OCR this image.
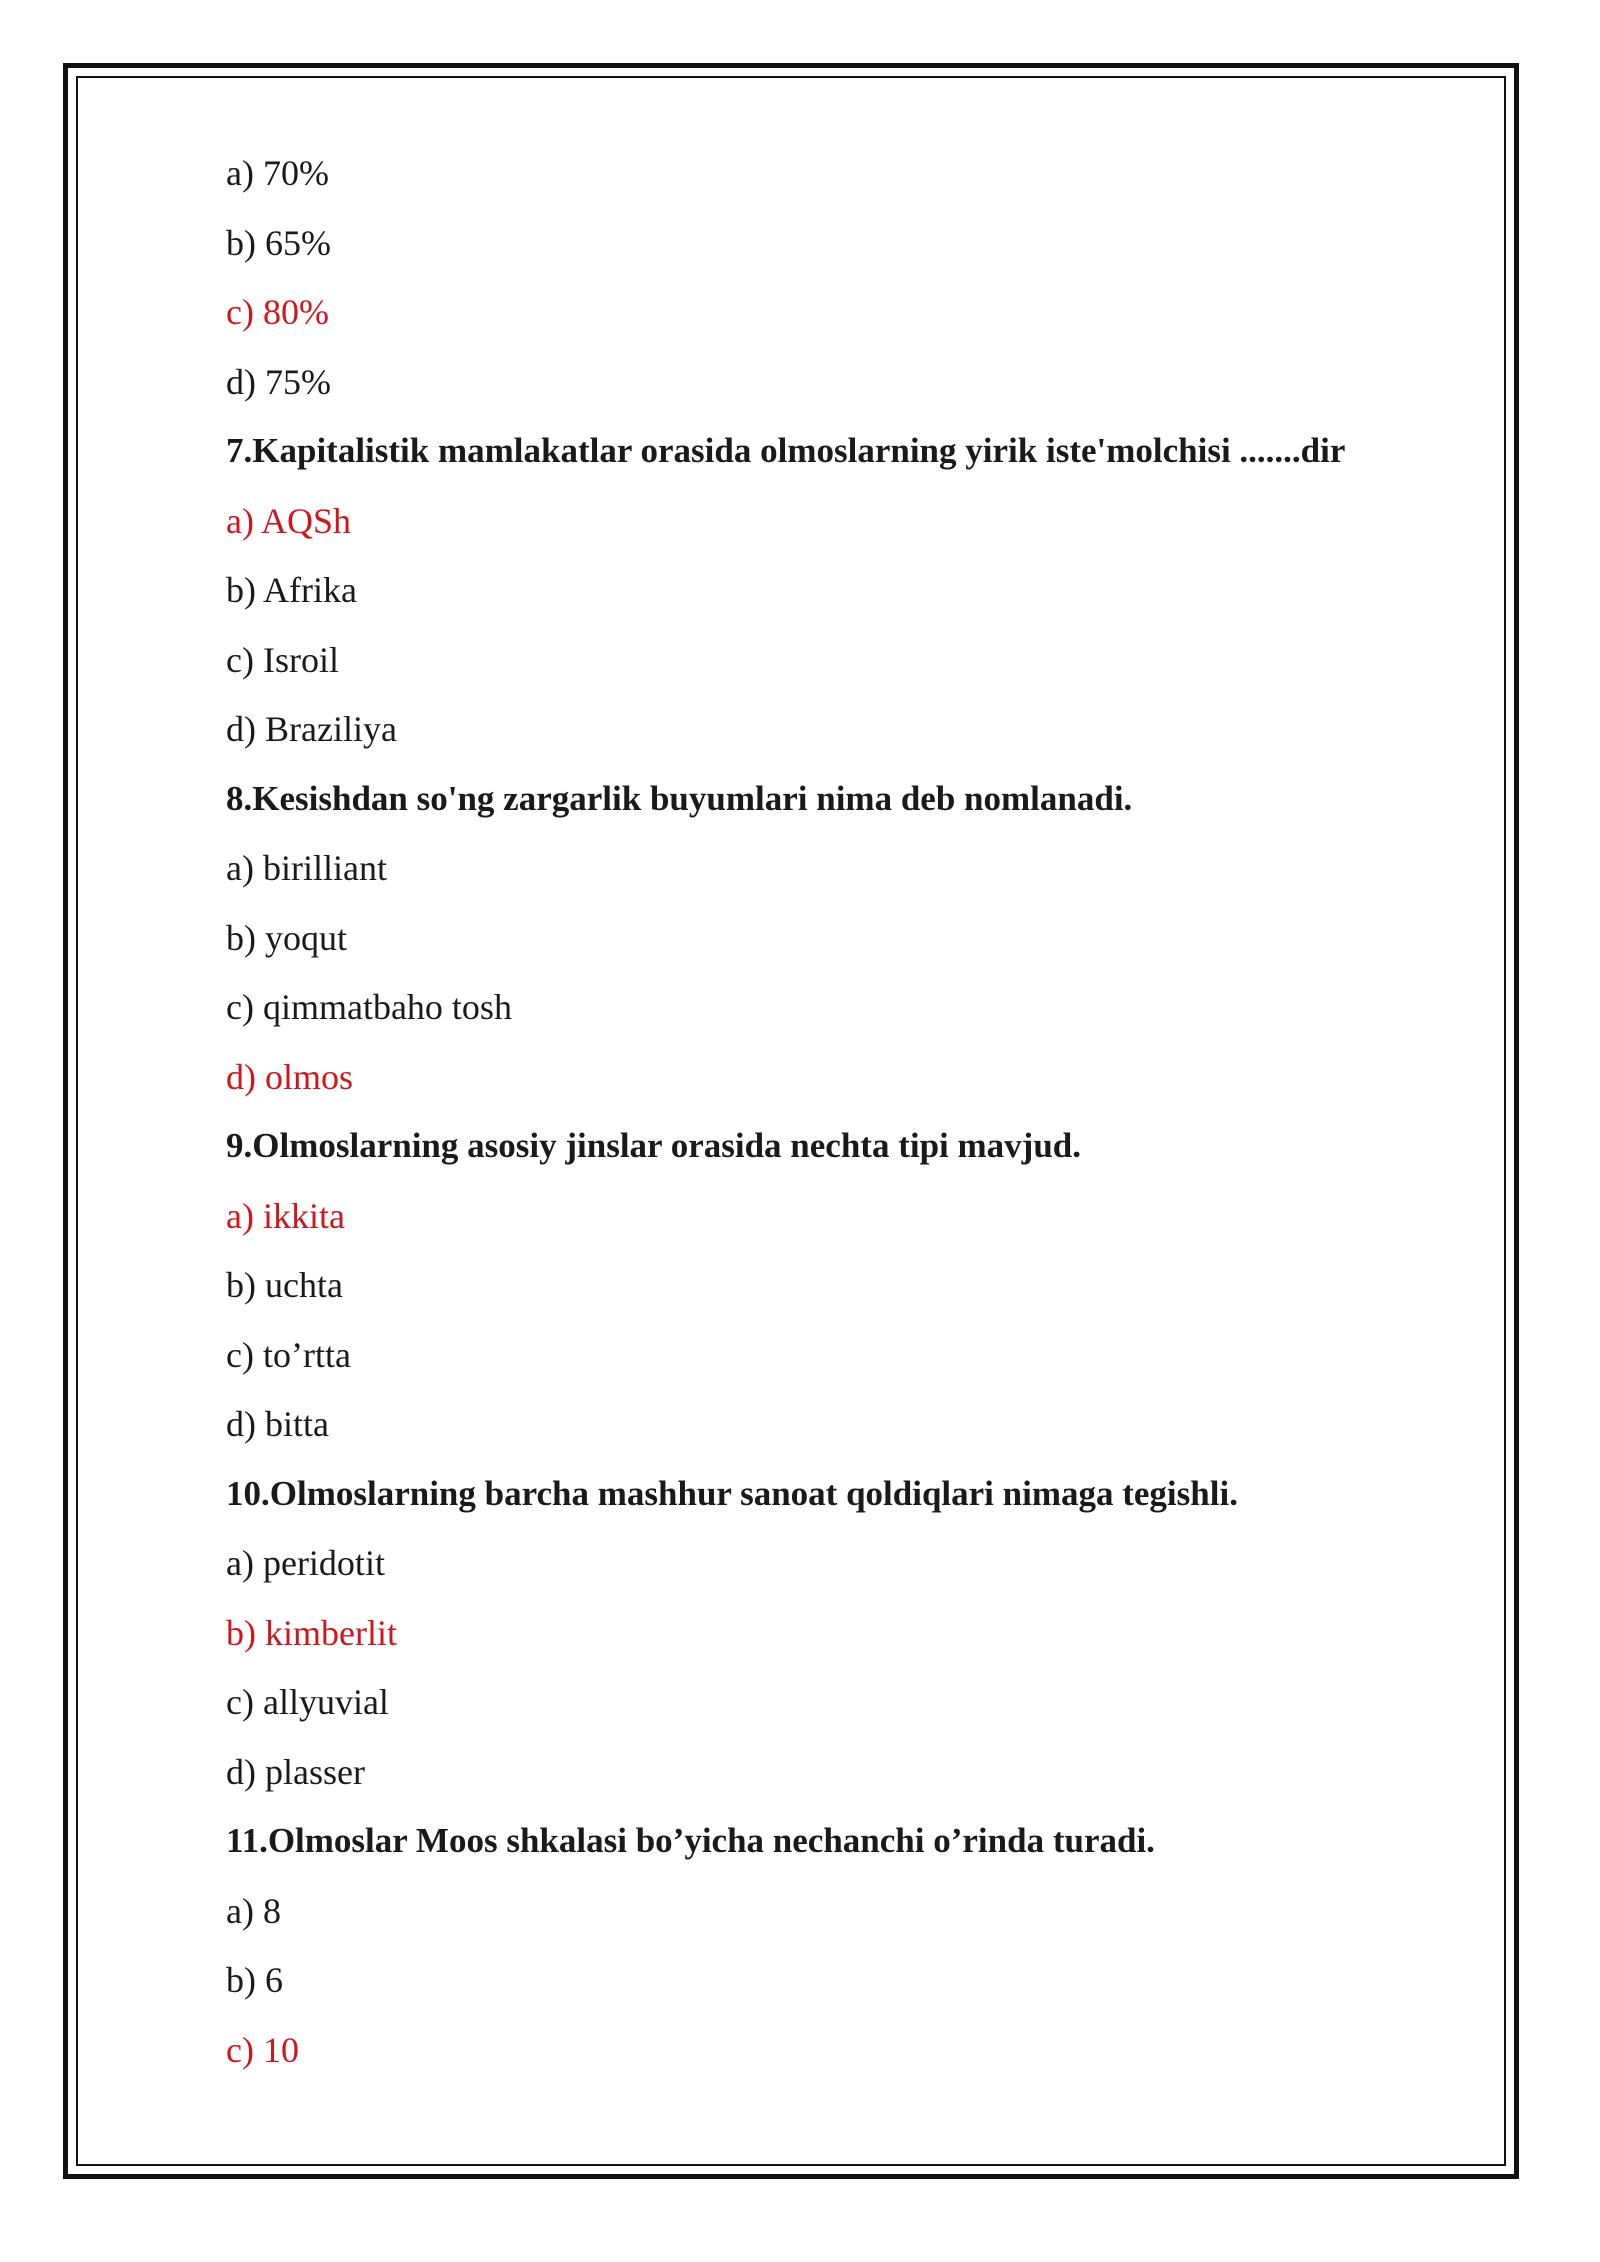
a) 70%
b) 65%
c) 80%
d) 75%
7.Kapitalistik mamlakatlar orasida olmoslarning yirik iste'molchisi .......dir
a) AQSh
b) Afrika
c) Isroil
d) Braziliya
8.Kesishdan so'ng zargarlik buyumlari nima deb nomlanadi.
a) birilliant
b) yoqut
c) qimmatbaho tosh
d) olmos
9.Olmoslarning asosiy jinslar orasida nechta tipi mavjud.
a) ikkita
b) uchta
c) to’rtta
d) bitta
10.Olmoslarning barcha mashhur sanoat qoldiqlari nimaga tegishli.
a) peridotit
b) kimberlit
c) allyuvial
d) plasser
11.Olmoslar Moos shkalasi bo’yicha nechanchi o’rinda turadi.
a) 8
b) 6
c) 10
